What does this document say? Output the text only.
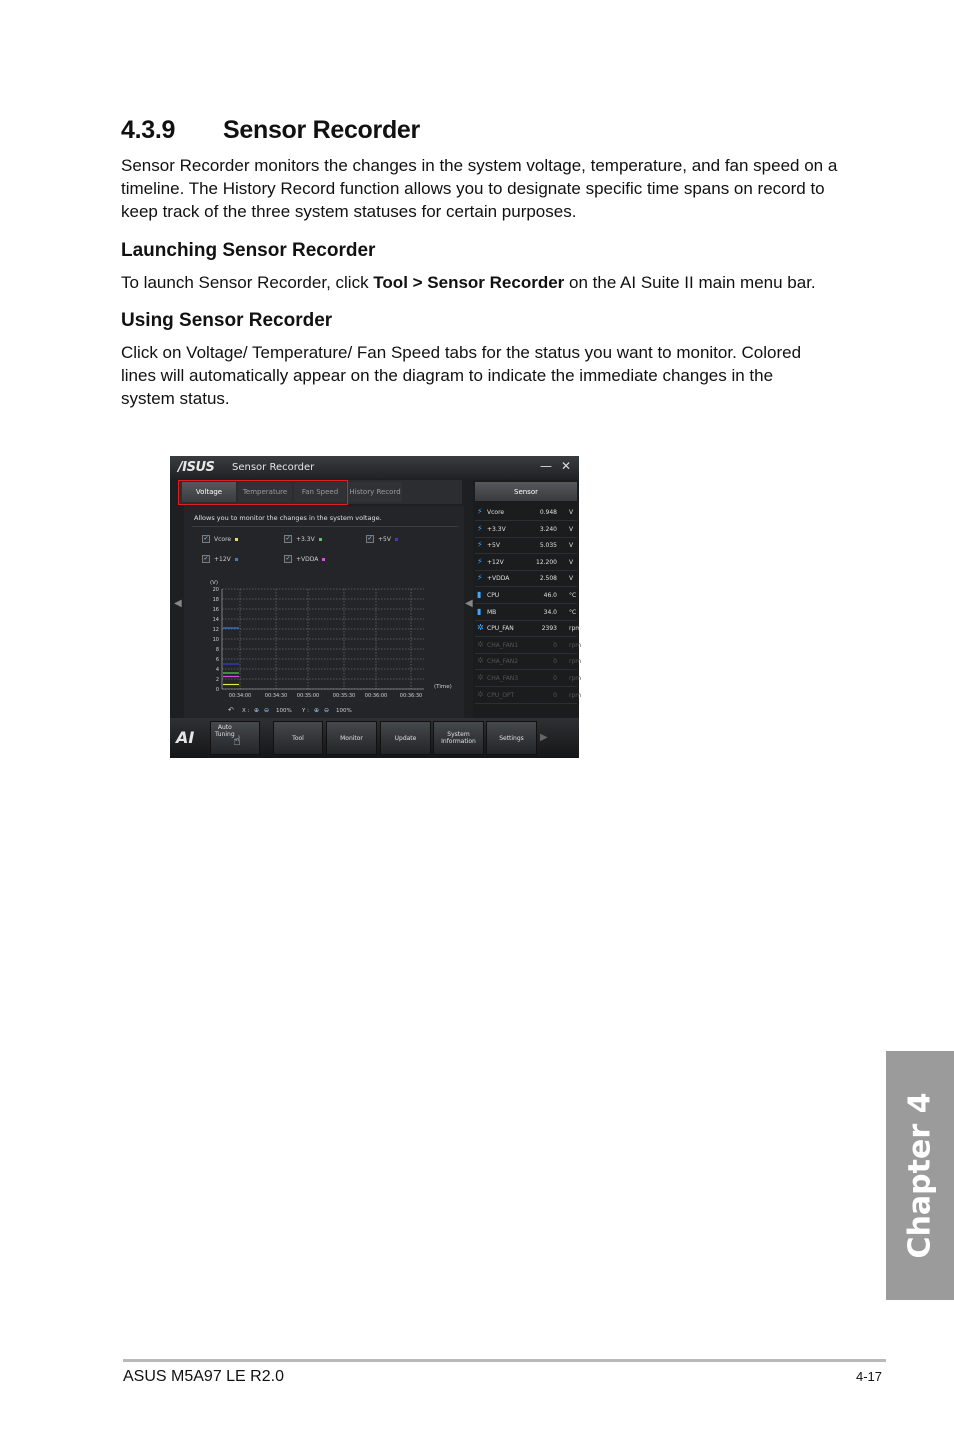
4.3.9 Sensor Recorder

Sensor Recorder monitors the changes in the system voltage, temperature, and fan speed on a timeline. The History Record function allows you to designate specific time spans on record to keep track of the three system statuses for certain purposes.

Launching Sensor Recorder

To launch Sensor Recorder, click Tool > Sensor Recorder on the AI Suite II main menu bar.

Using Sensor Recorder

Click on Voltage/ Temperature/ Fan Speed tabs for the status you want to monitor. Colored lines will automatically appear on the diagram to indicate the immediate changes in the system status.

/ISUS Sensor Recorder	— ✕
Voltage	Temperature	Fan Speed	History Record
◀	◀
Allows you to monitor the changes in the system voltage.
✓ Vcore	✓ +3.3V	✓ +5V
✓ +12V	✓ +VDDA
(V)
20
18
16
14
12
10
8
6
4
2
0
00:34:00	00:34:30 00:35:00	00:35:30 00:36:00	00:36:30
(Time)
↶ X : ⊕ ⊖ 100% Y : ⊕ ⊖ 100%
Sensor
⚡ Vcore	0.948 V
⚡ +3.3V	3.240 V
⚡ +5V	5.035 V
⚡ +12V	12.200 V
⚡ +VDDA	2.508 V
▮ CPU	46.0 °C
▮ MB	34.0 °C
✲ CPU_FAN	2393 rpm
✲ CHA_FAN1	0 rpm
✲ CHA_FAN2	0 rpm
✲ CHA_FAN3	0 rpm
✲ CPU_OPT	0 rpm
AI
Auto
Tuning
☝	Tool	Monitor	Update	System
Information	Settings ▶
Chapter 4
ASUS M5A97 LE R2.0	4-17
